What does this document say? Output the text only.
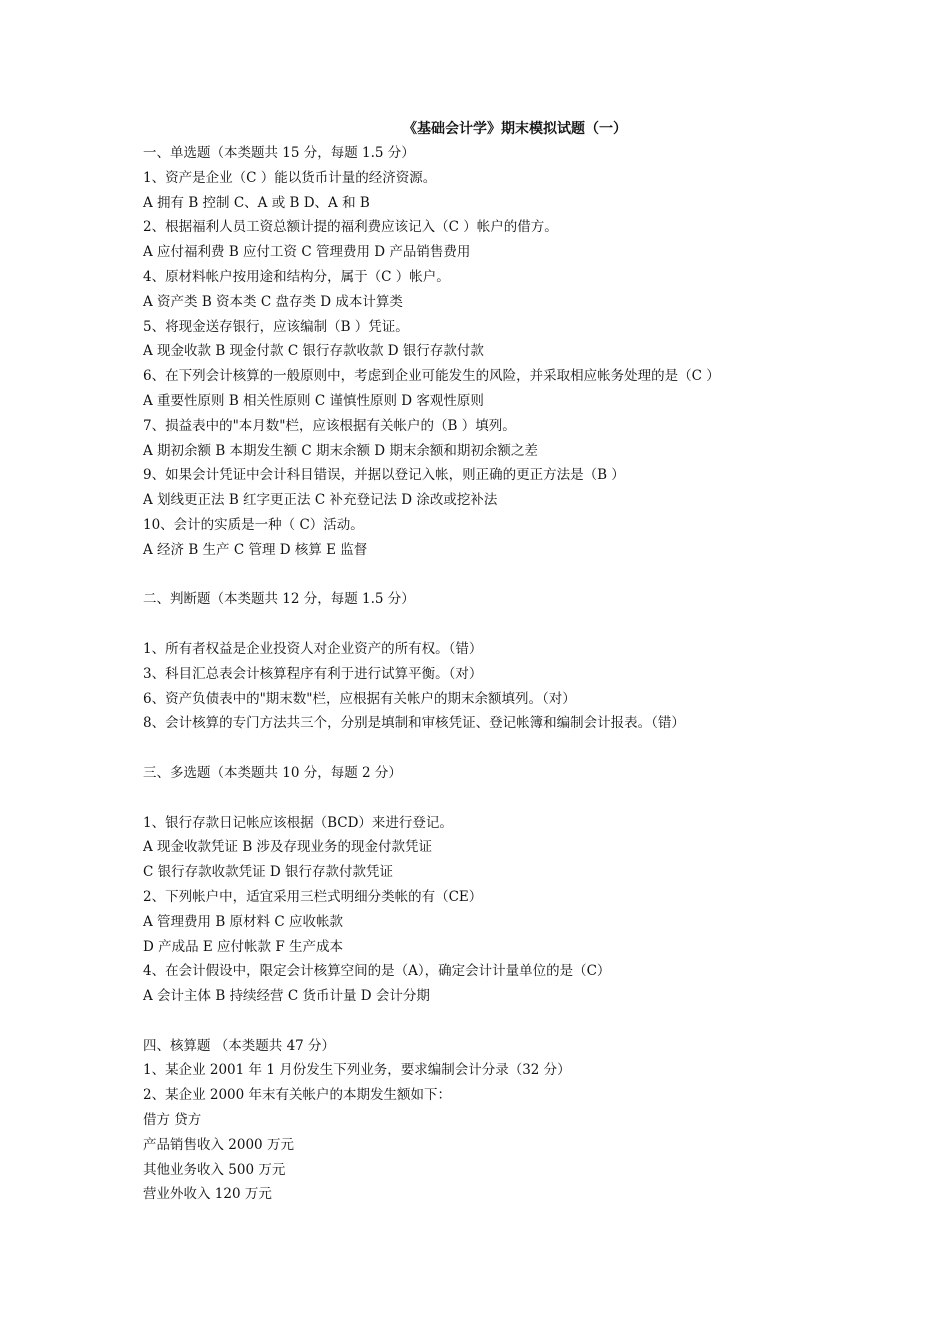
《基础会计学》期末模拟试题（一）
一、单选题（本类题共 15 分，每题 1.5 分）
1、资产是企业（C ）能以货币计量的经济资源。
A 拥有 B 控制 C、A 或 B D、A 和 B
2、根据福利人员工资总额计提的福利费应该记入（C ）帐户的借方。
A 应付福利费 B 应付工资 C 管理费用 D 产品销售费用
4、原材料帐户按用途和结构分，属于（C ）帐户。
A 资产类 B 资本类 C 盘存类 D 成本计算类
5、将现金送存银行，应该编制（B ）凭证。
A 现金收款 B 现金付款 C 银行存款收款 D 银行存款付款
6、在下列会计核算的一般原则中，考虑到企业可能发生的风险，并采取相应帐务处理的是（C ）
A 重要性原则 B 相关性原则 C 谨慎性原则 D 客观性原则
7、损益表中的"本月数"栏，应该根据有关帐户的（B ）填列。
A 期初余额 B 本期发生额 C 期末余额 D 期末余额和期初余额之差
9、如果会计凭证中会计科目错误，并据以登记入帐，则正确的更正方法是（B ）
A 划线更正法 B 红字更正法 C 补充登记法 D 涂改或挖补法
10、会计的实质是一种（ C）活动。
A 经济 B 生产 C 管理 D 核算 E 监督
二、判断题（本类题共 12 分，每题 1.5 分）
1、所有者权益是企业投资人对企业资产的所有权。（错）
3、科目汇总表会计核算程序有利于进行试算平衡。（对）
6、资产负债表中的"期末数"栏，应根据有关帐户的期末余额填列。（对）
8、会计核算的专门方法共三个，分别是填制和审核凭证、登记帐簿和编制会计报表。（错）
三、多选题（本类题共 10 分，每题 2 分）
1、银行存款日记帐应该根据（BCD）来进行登记。
A 现金收款凭证 B 涉及存现业务的现金付款凭证
C 银行存款收款凭证 D 银行存款付款凭证
2、下列帐户中，适宜采用三栏式明细分类帐的有（CE）
A 管理费用 B 原材料 C 应收帐款
D 产成品 E 应付帐款 F 生产成本
4、在会计假设中，限定会计核算空间的是（A），确定会计计量单位的是（C）
A 会计主体 B 持续经营 C 货币计量 D 会计分期
四、核算题 （本类题共 47 分）
1、某企业 2001 年 1 月份发生下列业务，要求编制会计分录（32 分）
2、某企业 2000 年末有关帐户的本期发生额如下：
借方 贷方
产品销售收入 2000 万元
其他业务收入 500 万元
营业外收入 120 万元
